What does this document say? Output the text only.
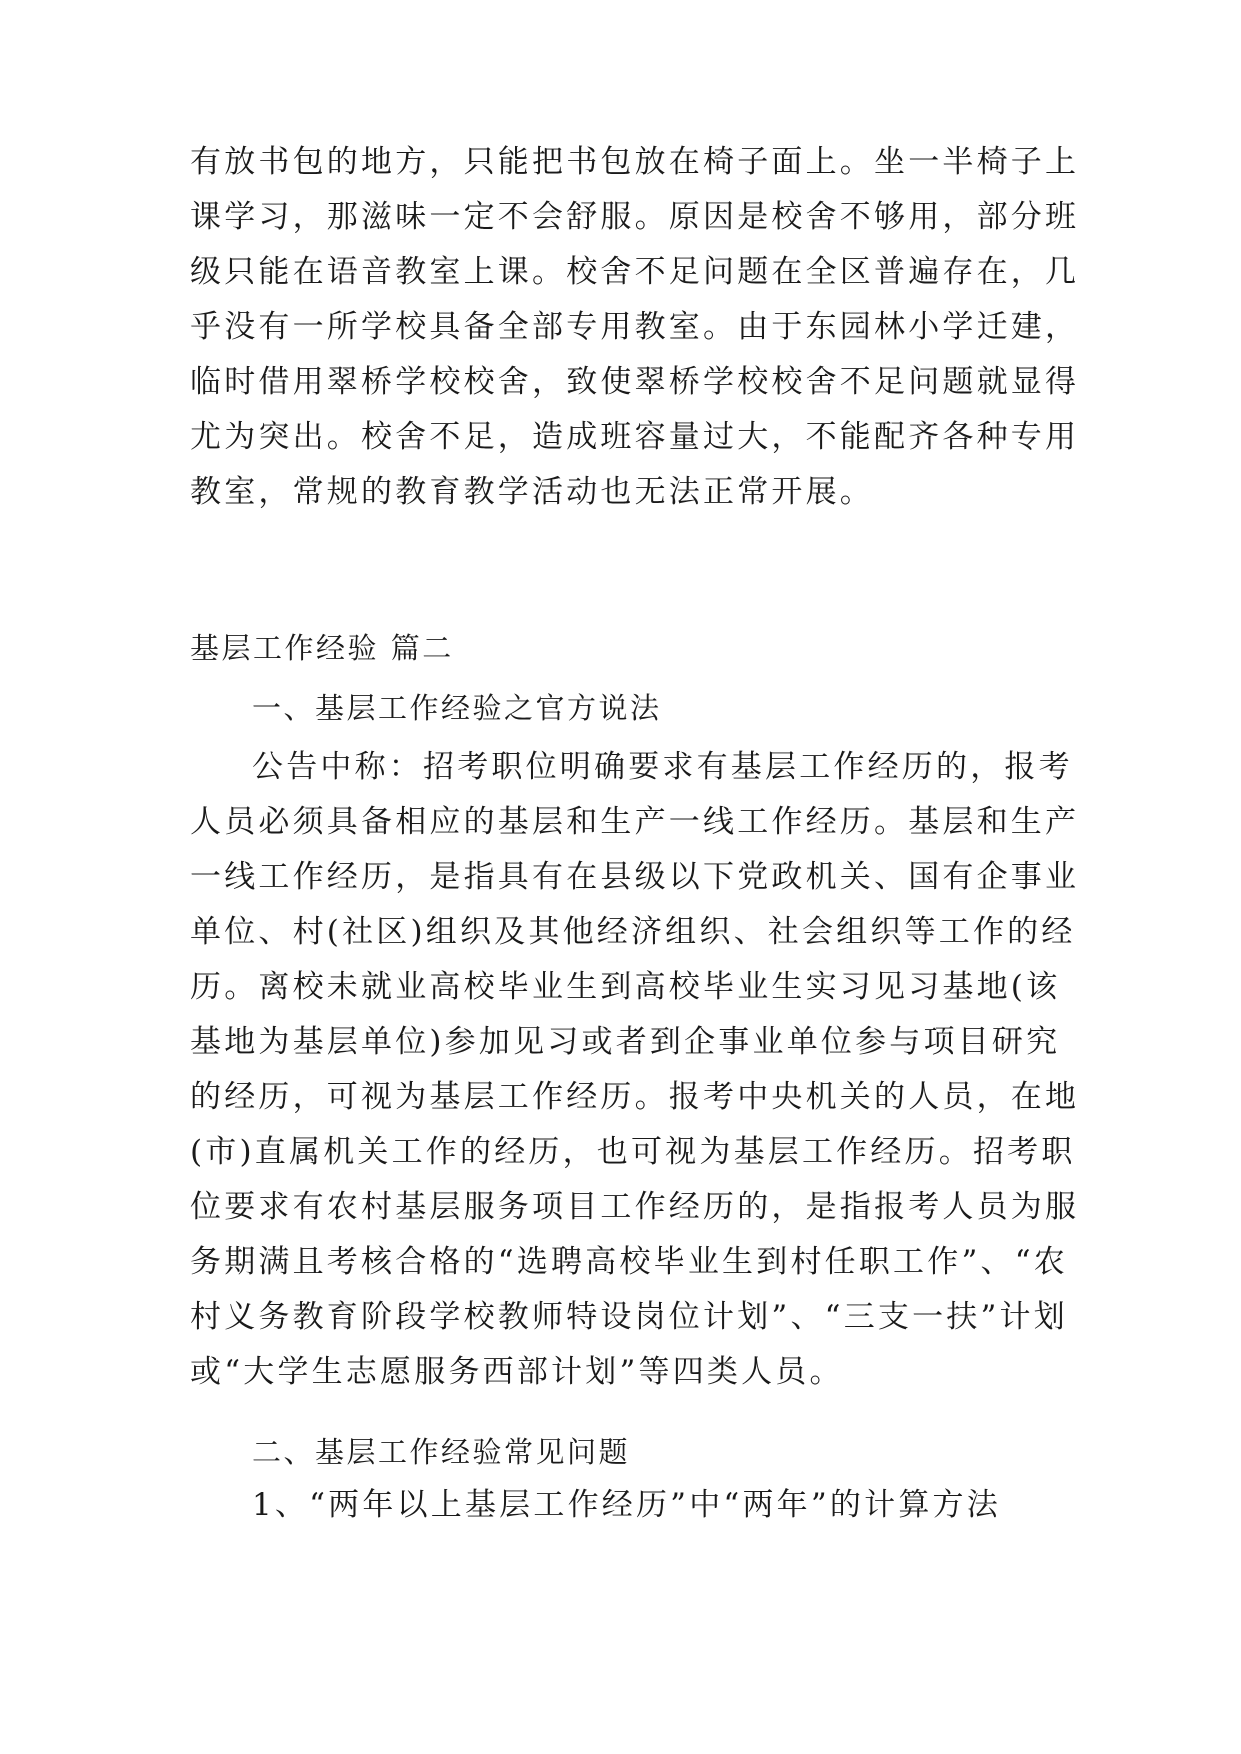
有放书包的地方，只能把书包放在椅子面上。坐一半椅子上
课学习，那滋味一定不会舒服。原因是校舍不够用，部分班
级只能在语音教室上课。校舍不足问题在全区普遍存在，几
乎没有一所学校具备全部专用教室。由于东园林小学迁建，
临时借用翠桥学校校舍，致使翠桥学校校舍不足问题就显得
尤为突出。校舍不足，造成班容量过大，不能配齐各种专用
教室，常规的教育教学活动也无法正常开展。
基层工作经验 篇二
一、基层工作经验之官方说法
公告中称：招考职位明确要求有基层工作经历的，报考
人员必须具备相应的基层和生产一线工作经历。基层和生产
一线工作经历，是指具有在县级以下党政机关、国有企事业
单位、村(社区)组织及其他经济组织、社会组织等工作的经
历。离校未就业高校毕业生到高校毕业生实习见习基地(该
基地为基层单位)参加见习或者到企事业单位参与项目研究
的经历，可视为基层工作经历。报考中央机关的人员，在地
(市)直属机关工作的经历，也可视为基层工作经历。招考职
位要求有农村基层服务项目工作经历的，是指报考人员为服
务期满且考核合格的“选聘高校毕业生到村任职工作”、“农
村义务教育阶段学校教师特设岗位计划”、“三支一扶”计划
或“大学生志愿服务西部计划”等四类人员。
二、基层工作经验常见问题
1、“两年以上基层工作经历”中“两年”的计算方法
